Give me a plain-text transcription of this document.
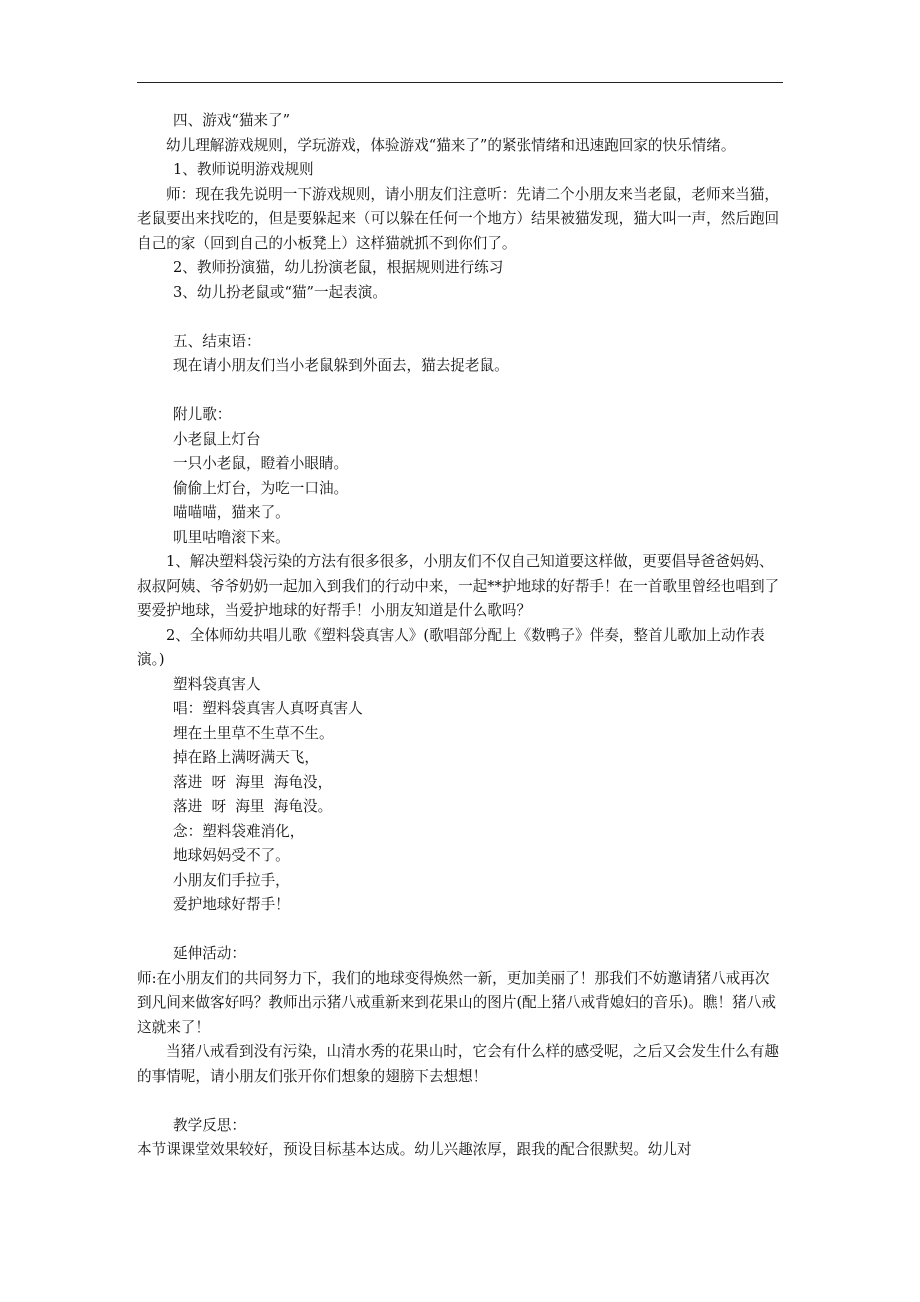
四、游戏“猫来了”

幼儿理解游戏规则，学玩游戏，体验游戏“猫来了”的紧张情绪和迅速跑回家的快乐情绪。

1、教师说明游戏规则

师：现在我先说明一下游戏规则，请小朋友们注意听：先请二个小朋友来当老鼠，老师来当猫，老鼠要出来找吃的，但是要躲起来（可以躲在任何一个地方）结果被猫发现，猫大叫一声，然后跑回自己的家（回到自己的小板凳上）这样猫就抓不到你们了。

2、教师扮演猫，幼儿扮演老鼠，根据规则进行练习

3、幼儿扮老鼠或“猫”一起表演。

五、结束语：

现在请小朋友们当小老鼠躲到外面去，猫去捉老鼠。

附儿歌：

小老鼠上灯台

一只小老鼠，瞪着小眼睛。

偷偷上灯台，为吃一口油。

喵喵喵，猫来了。

叽里咕噜滚下来。

1、解决塑料袋污染的方法有很多很多，小朋友们不仅自己知道要这样做，更要倡导爸爸妈妈、叔叔阿姨、爷爷奶奶一起加入到我们的行动中来，一起**护地球的好帮手！在一首歌里曾经也唱到了要爱护地球，当爱护地球的好帮手！小朋友知道是什么歌吗？

2、全体师幼共唱儿歌《塑料袋真害人》(歌唱部分配上《数鸭子》伴奏，整首儿歌加上动作表演。)

塑料袋真害人

唱：塑料袋真害人真呀真害人

埋在土里草不生草不生。

掉在路上满呀满天飞，

落进  呀  海里  海龟没，

落进  呀  海里  海龟没。

念：塑料袋难消化，

地球妈妈受不了。

小朋友们手拉手，

爱护地球好帮手！

延伸活动：

师:在小朋友们的共同努力下，我们的地球变得焕然一新，更加美丽了！那我们不妨邀请猪八戒再次到凡间来做客好吗？教师出示猪八戒重新来到花果山的图片(配上猪八戒背媳妇的音乐)。瞧！猪八戒这就来了！

当猪八戒看到没有污染，山清水秀的花果山时，它会有什么样的感受呢，之后又会发生什么有趣的事情呢，请小朋友们张开你们想象的翅膀下去想想！

教学反思：

本节课课堂效果较好，预设目标基本达成。幼儿兴趣浓厚，跟我的配合很默契。幼儿对
